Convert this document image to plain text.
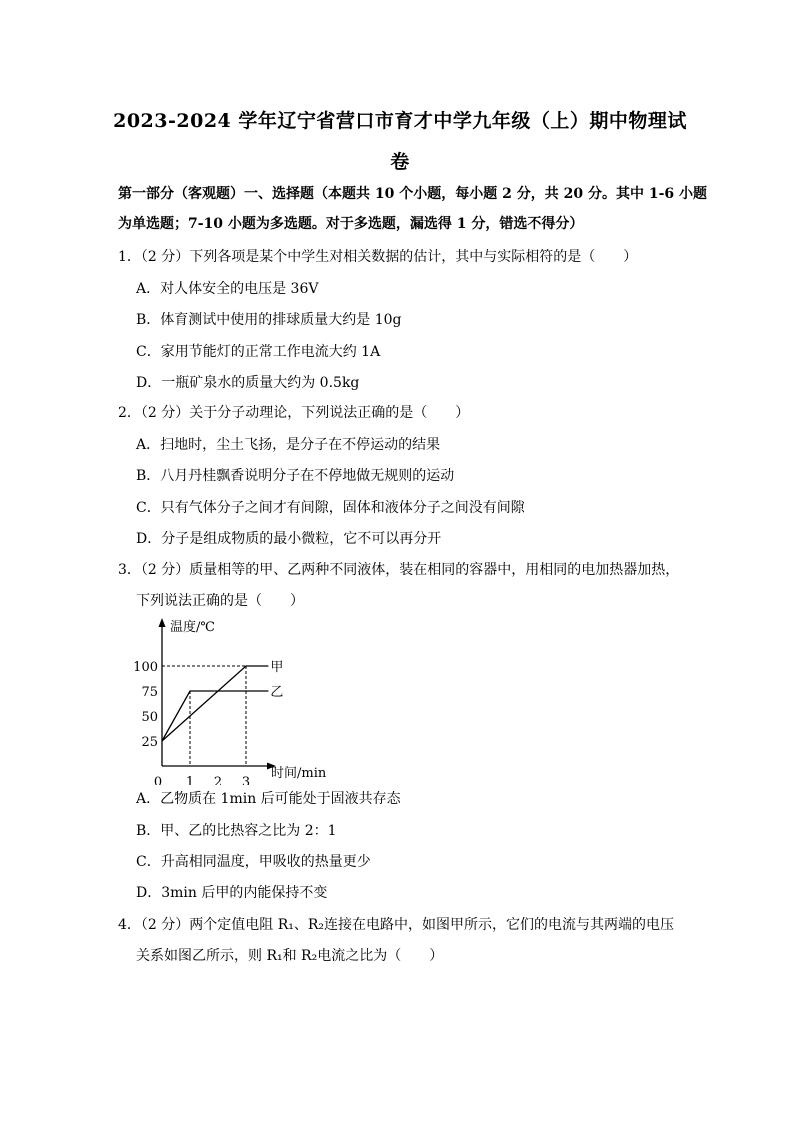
2023-2024 学年辽宁省营口市育才中学九年级（上）期中物理试
卷
第一部分（客观题）一、选择题（本题共 10 个小题，每小题 2 分，共 20 分。其中 1-6 小题
为单选题；7-10 小题为多选题。对于多选题，漏选得 1 分，错选不得分）
1．（2 分）下列各项是某个中学生对相关数据的估计，其中与实际相符的是（　　）
A．对人体安全的电压是 36V
B．体育测试中使用的排球质量大约是 10g
C．家用节能灯的正常工作电流大约 1A
D．一瓶矿泉水的质量大约为 0.5kg
2．（2 分）关于分子动理论，下列说法正确的是（　　）
A．扫地时，尘土飞扬，是分子在不停运动的结果
B．八月丹桂飘香说明分子在不停地做无规则的运动
C．只有气体分子之间才有间隙，固体和液体分子之间没有间隙
D．分子是组成物质的最小微粒，它不可以再分开
3．（2 分）质量相等的甲、乙两种不同液体，装在相同的容器中，用相同的电加热器加热，
下列说法正确的是（　　）
温度/℃
时间/min
0 1 2 3
25
50
75
100	甲
乙
A．乙物质在 1min 后可能处于固液共存态
B．甲、乙的比热容之比为 2：1
C．升高相同温度，甲吸收的热量更少
D．3min 后甲的内能保持不变
4．（2 分）两个定值电阻 R₁、R₂连接在电路中，如图甲所示，它们的电流与其两端的电压
关系如图乙所示，则 R₁和 R₂电流之比为（　　）
